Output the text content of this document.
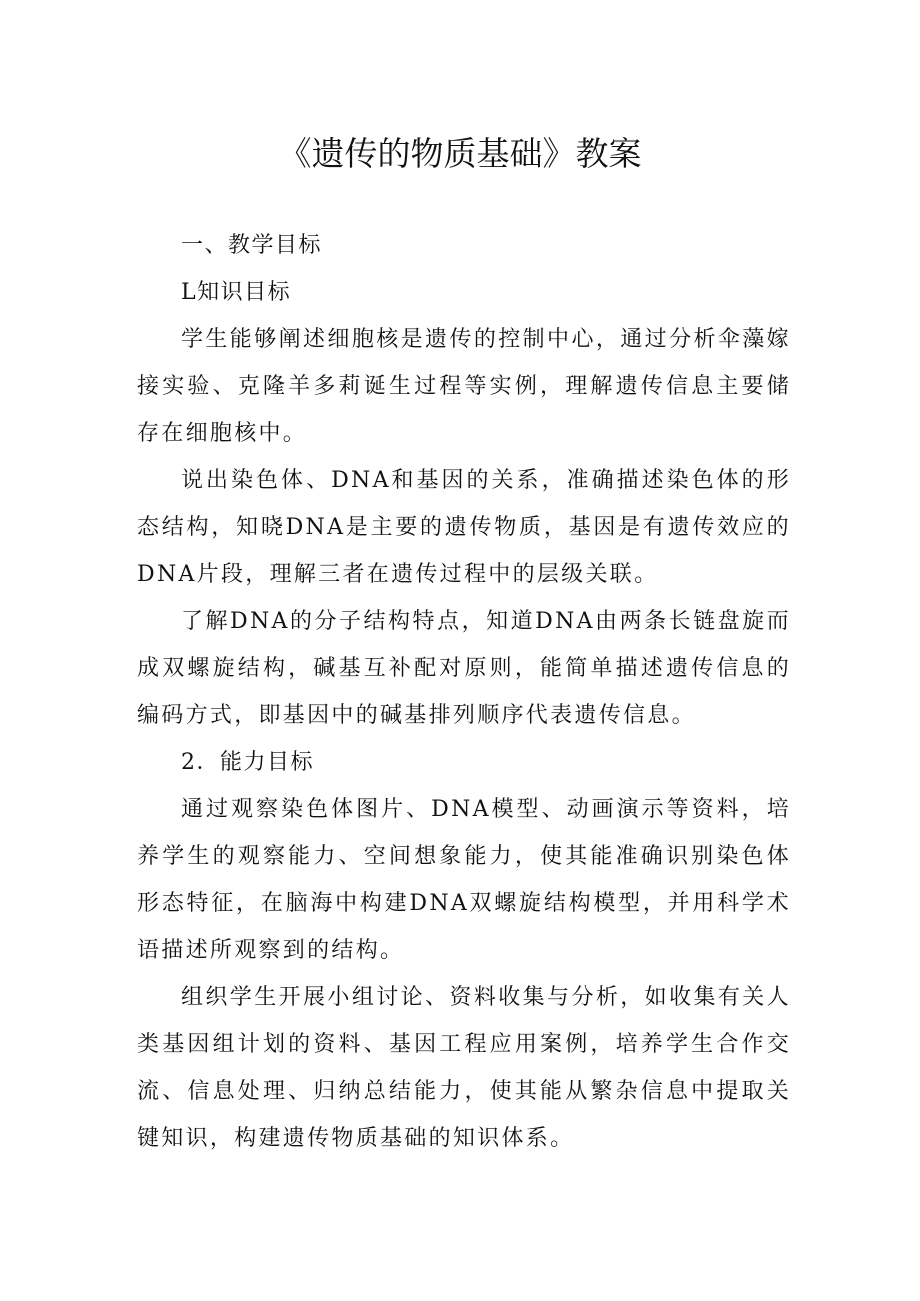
《遗传的物质基础》教案

一、教学目标

L知识目标

学生能够阐述细胞核是遗传的控制中心，通过分析伞藻嫁接实验、克隆羊多莉诞生过程等实例，理解遗传信息主要储存在细胞核中。

说出染色体、DNA和基因的关系，准确描述染色体的形态结构，知晓DNA是主要的遗传物质，基因是有遗传效应的DNA片段，理解三者在遗传过程中的层级关联。

了解DNA的分子结构特点，知道DNA由两条长链盘旋而成双螺旋结构，碱基互补配对原则，能简单描述遗传信息的编码方式，即基因中的碱基排列顺序代表遗传信息。

2．能力目标

通过观察染色体图片、DNA模型、动画演示等资料，培养学生的观察能力、空间想象能力，使其能准确识别染色体形态特征，在脑海中构建DNA双螺旋结构模型，并用科学术语描述所观察到的结构。

组织学生开展小组讨论、资料收集与分析，如收集有关人类基因组计划的资料、基因工程应用案例，培养学生合作交流、信息处理、归纳总结能力，使其能从繁杂信息中提取关键知识，构建遗传物质基础的知识体系。
